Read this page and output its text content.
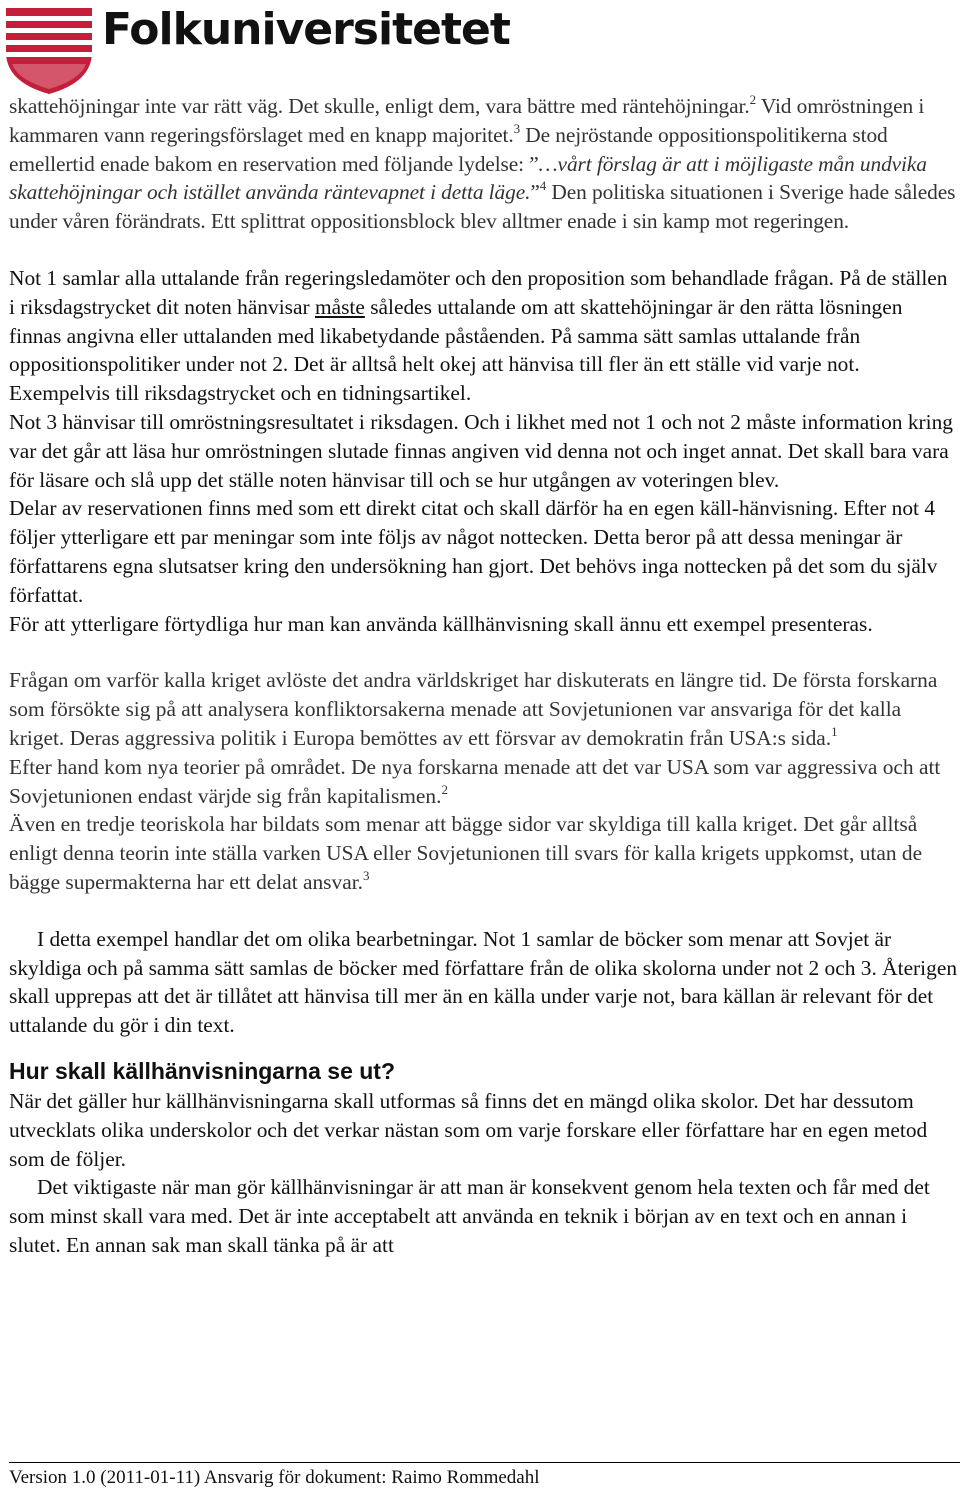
Folkuniversitetet

skattehöjningar inte var rätt väg. Det skulle, enligt dem, vara bättre med räntehöjningar.$^2$ Vid omröstningen i kammaren vann regeringsförslaget med en knapp majoritet.$^3$ De nejröstande oppositionspolitikerna stod emellertid enade bakom en reservation med följande lydelse: ”…vårt förslag är att i möjligaste mån undvika skattehöjningar och istället använda räntevapnet i detta läge.”$^4$ Den politiska situationen i Sverige hade således under våren förändrats. Ett splittrat oppositionsblock blev alltmer enade i sin kamp mot regeringen.

Not 1 samlar alla uttalande från regeringsledamöter och den proposition som behandlade frågan. På de ställen i riksdagstrycket dit noten hänvisar måste således uttalande om att skattehöjningar är den rätta lösningen finnas angivna eller uttalanden med likabetydande påståenden. På samma sätt samlas uttalande från oppositionspolitiker under not 2. Det är alltså helt okej att hänvisa till fler än ett ställe vid varje not. Exempelvis till riksdagstrycket och en tidningsartikel.

Not 3 hänvisar till omröstningsresultatet i riksdagen. Och i likhet med not 1 och not 2 måste information kring var det går att läsa hur omröstningen slutade finnas angiven vid denna not och inget annat. Det skall bara vara för läsare och slå upp det ställe noten hänvisar till och se hur utgången av voteringen blev.

Delar av reservationen finns med som ett direkt citat och skall därför ha en egen käll-hänvisning. Efter not 4 följer ytterligare ett par meningar som inte följs av något nottecken. Detta beror på att dessa meningar är författarens egna slutsatser kring den undersökning han gjort. Det behövs inga nottecken på det som du själv författat.

För att ytterligare förtydliga hur man kan använda källhänvisning skall ännu ett exempel presenteras.

Frågan om varför kalla kriget avlöste det andra världskriget har diskuterats en längre tid. De första forskarna som försökte sig på att analysera konfliktorsakerna menade att Sovjetunionen var ansvariga för det kalla kriget. Deras aggressiva politik i Europa bemöttes av ett försvar av demokratin från USA:s sida.$^1$
Efter hand kom nya teorier på området. De nya forskarna menade att det var USA som var aggressiva och att Sovjetunionen endast värjde sig från kapitalismen.$^2$
Även en tredje teoriskola har bildats som menar att bägge sidor var skyldiga till kalla kriget. Det går alltså enligt denna teorin inte ställa varken USA eller Sovjetunionen till svars för kalla krigets uppkomst, utan de bägge supermakterna har ett delat ansvar.$^3$

I detta exempel handlar det om olika bearbetningar. Not 1 samlar de böcker som menar att Sovjet är skyldiga och på samma sätt samlas de böcker med författare från de olika skolorna under not 2 och 3. Återigen skall upprepas att det är tillåtet att hänvisa till mer än en källa under varje not, bara källan är relevant för det uttalande du gör i din text.

Hur skall källhänvisningarna se ut?

När det gäller hur källhänvisningarna skall utformas så finns det en mängd olika skolor. Det har dessutom utvecklats olika underskolor och det verkar nästan som om varje forskare eller författare har en egen metod som de följer.

Det viktigaste när man gör källhänvisningar är att man är konsekvent genom hela texten och får med det som minst skall vara med. Det är inte acceptabelt att använda en teknik i början av en text och en annan i slutet. En annan sak man skall tänka på är att

Version 1.0 (2011-01-11) Ansvarig för dokument: Raimo Rommedahl
